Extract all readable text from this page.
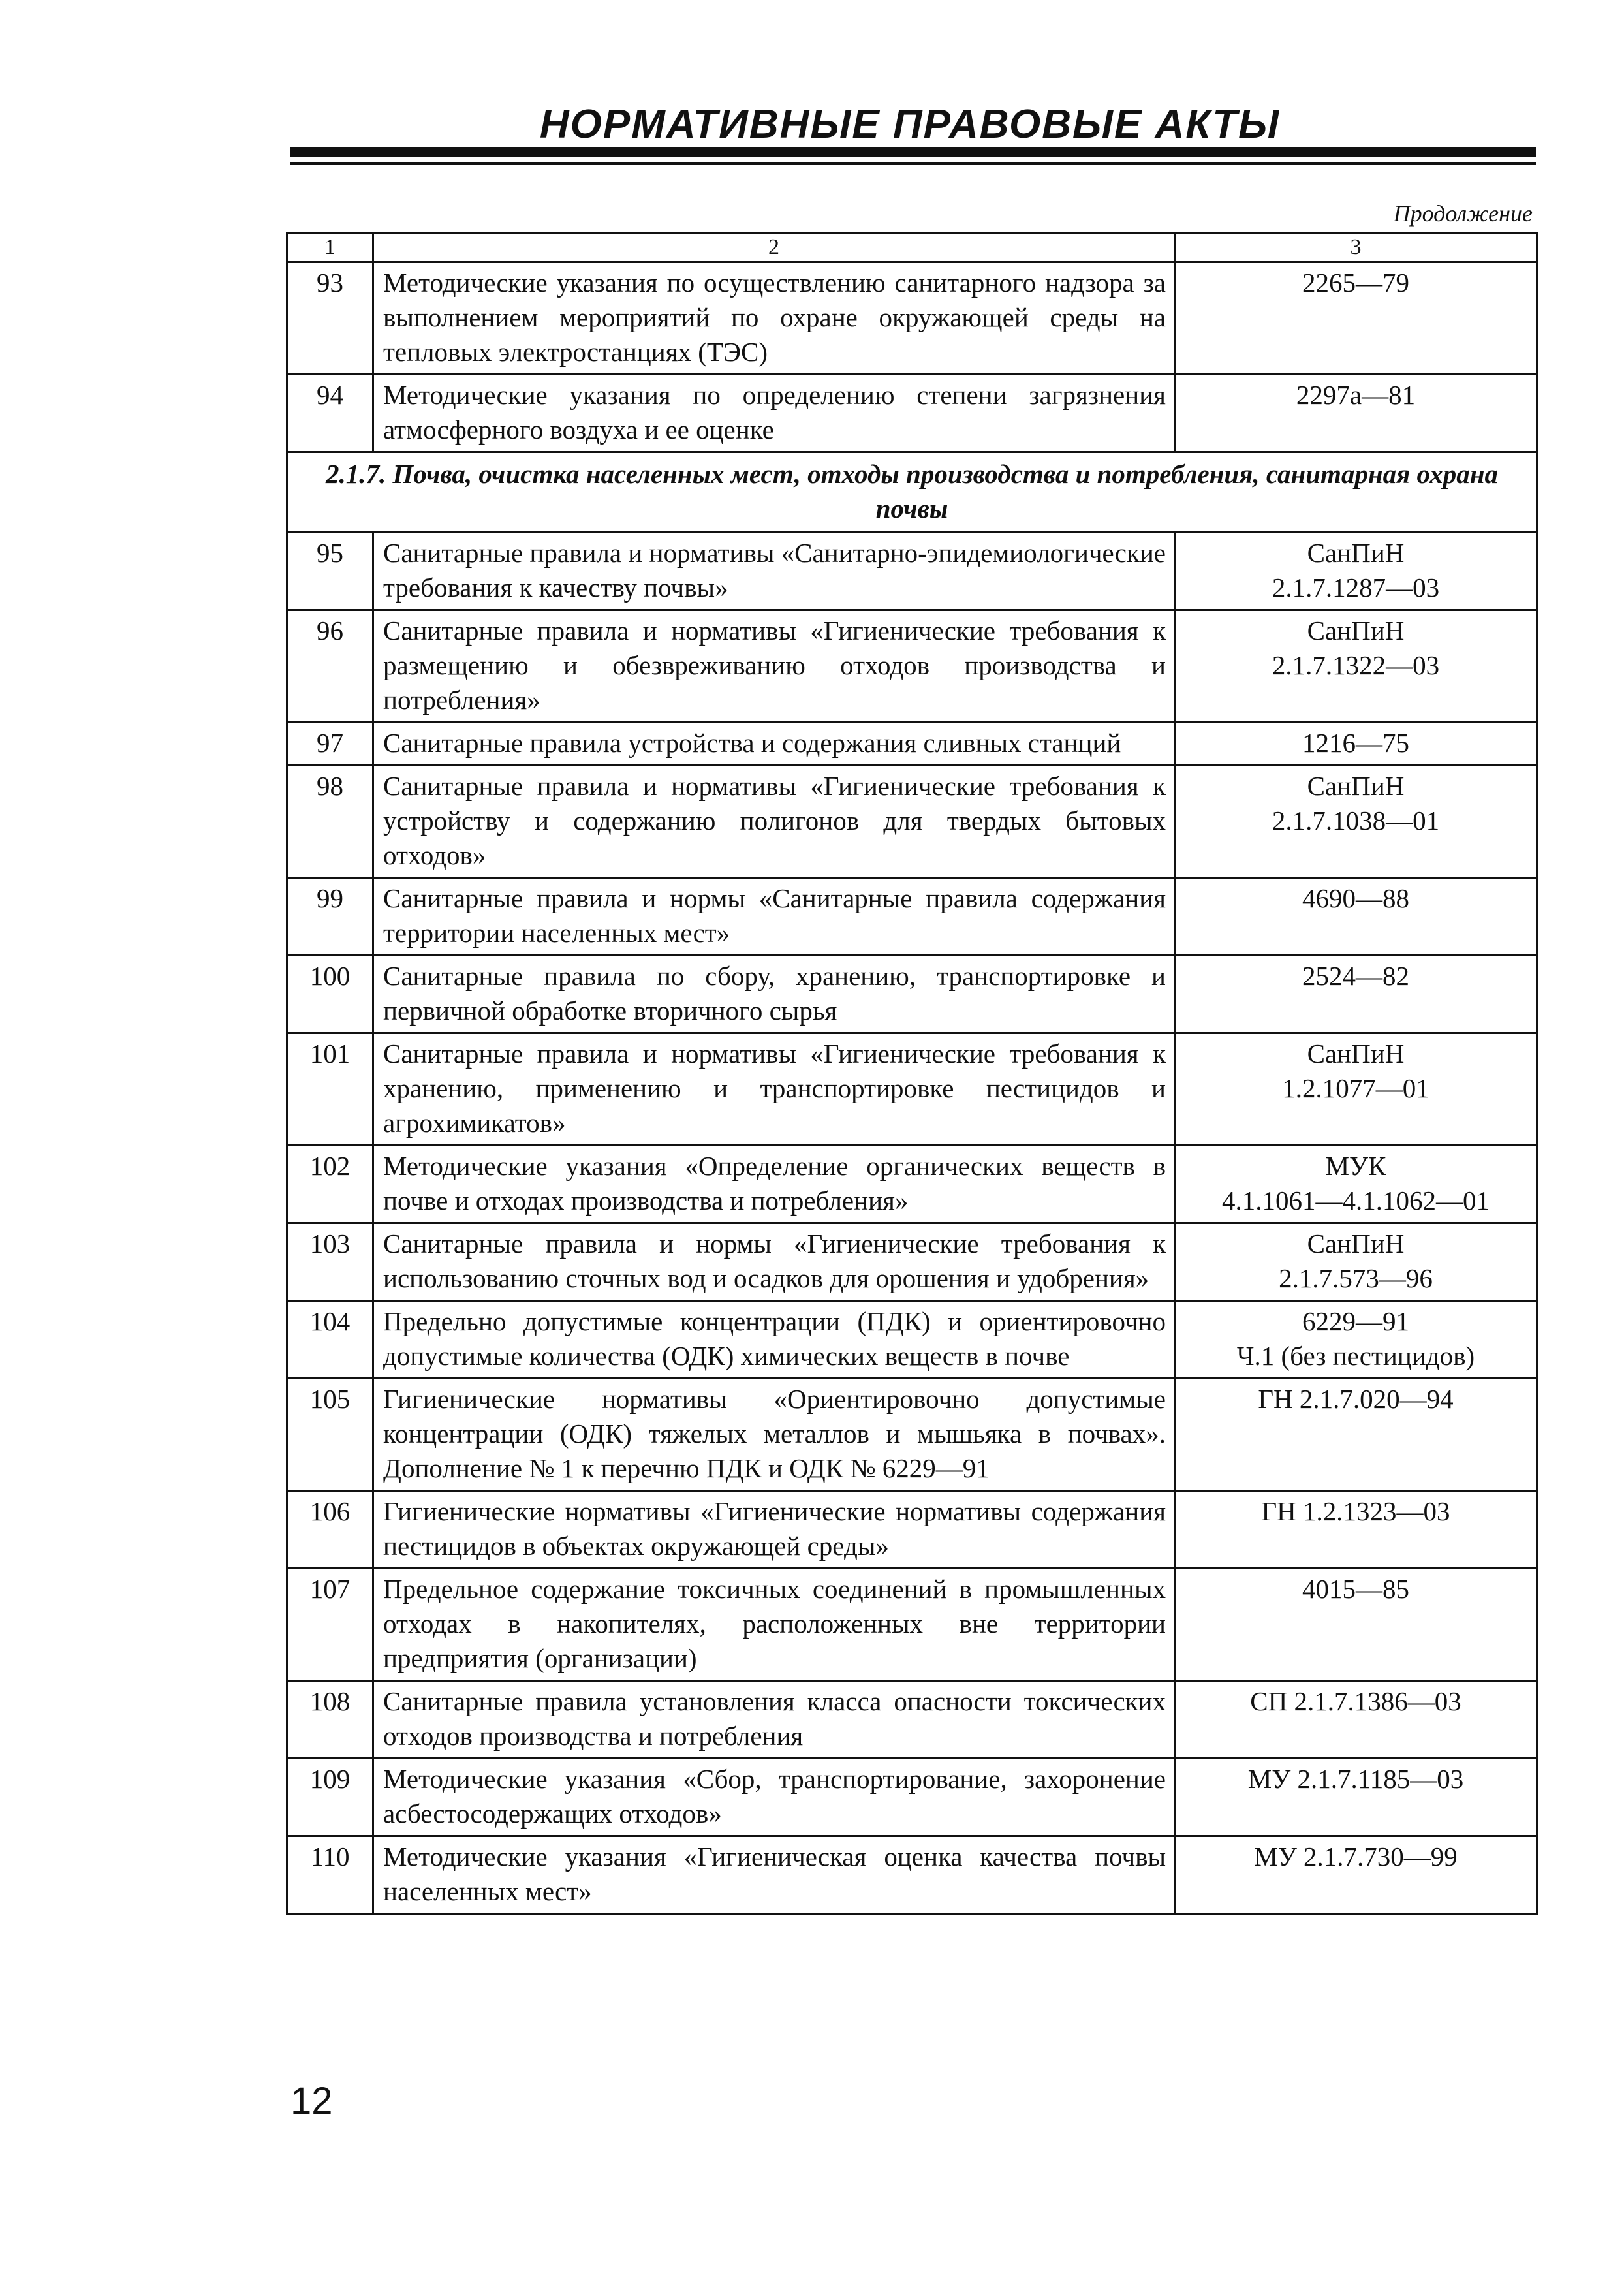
НОРМАТИВНЫЕ ПРАВОВЫЕ АКТЫ
Продолжение
1	2	3
93	Методические указания по осуществлению санитарного надзора за выполнением мероприятий по охране окружающей среды на тепловых электростанциях (ТЭС)	2265—79

94	Методические указания по определению степени загрязнения атмосферного воздуха и ее оценке	2297а—81

2.1.7. Почва, очистка населенных мест, отходы производства и потребления, санитарная охрана почвы		
95	Санитарные правила и нормативы «Санитарно-эпидемиологические требования к качеству почвы»	СанПиН
2.1.7.1287—03

96	Санитарные правила и нормативы «Гигиенические требования к размещению и обезвреживанию отходов производства и потребления»	СанПиН
2.1.7.1322—03

97	Санитарные правила устройства и содержания сливных станций	1216—75

98	Санитарные правила и нормативы «Гигиенические требования к устройству и содержанию полигонов для твердых бытовых отходов»	СанПиН
2.1.7.1038—01

99	Санитарные правила и нормы «Санитарные правила содержания территории населенных мест»	4690—88

100	Санитарные правила по сбору, хранению, транспортировке и первичной обработке вторичного сырья	2524—82

101	Санитарные правила и нормативы «Гигиенические требования к хранению, применению и транспортировке пестицидов и агрохимикатов»	СанПиН
1.2.1077—01

102	Методические указания «Определение органических веществ в почве и отходах производства и потребления»	МУК
4.1.1061—4.1.1062—01

103	Санитарные правила и нормы «Гигиенические требования к использованию сточных вод и осадков для орошения и удобрения»	СанПиН
2.1.7.573—96

104	Предельно допустимые концентрации (ПДК) и ориентировочно допустимые количества (ОДК) химических веществ в почве	6229—91
Ч.1 (без пестицидов)

105	Гигиенические нормативы «Ориентировочно допустимые концентрации (ОДК) тяжелых металлов и мышьяка в почвах». Дополнение № 1 к перечню ПДК и ОДК № 6229—91	ГН 2.1.7.020—94

106	Гигиенические нормативы «Гигиенические нормативы содержания пестицидов в объектах окружающей среды»	ГН 1.2.1323—03

107	Предельное содержание токсичных соединений в промышленных отходах в накопителях, расположенных вне территории предприятия (организации)	4015—85

108	Санитарные правила установления класса опасности токсических отходов производства и потребления	СП 2.1.7.1386—03

109	Методические указания «Сбор, транспортирование, захоронение асбестосодержащих отходов»	МУ 2.1.7.1185—03

110	Методические указания «Гигиеническая оценка качества почвы населенных мест»	МУ 2.1.7.730—99
12
